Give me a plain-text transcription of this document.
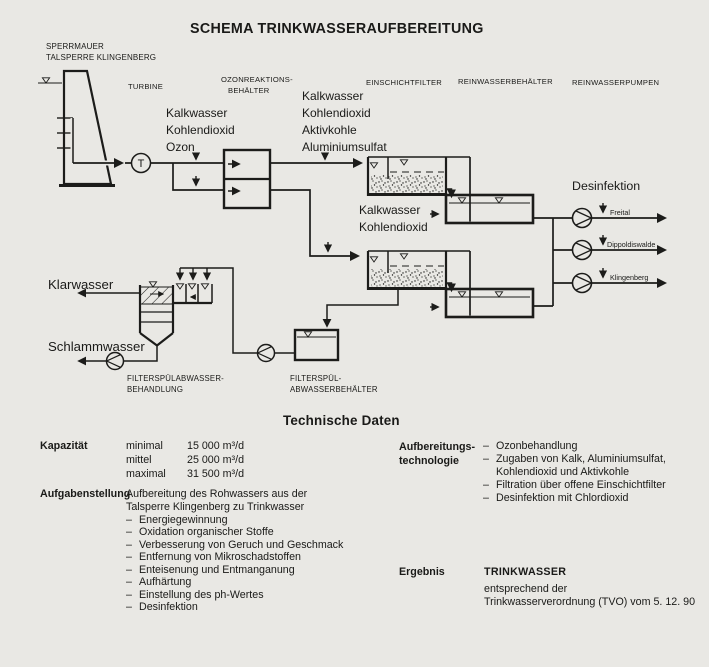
SPERRMAUER
TALSPERRE KLINGENBERG
TURBINE
OZONREAKTIONS-
BEHÄLTER
EINSCHICHTFILTER REINWASSERBEHÄLTER	REINWASSERPUMPEN
T
Kalkwasser
Kohlendioxid
Ozon
Kalkwasser
Kohlendioxid
Aktivkohle
Aluminiumsulfat
Kalkwasser
Kohlendioxid
Desinfektion
Freital
Dippoldiswalde
Klingenberg
Klarwasser
Schlammwasser
FILTERSPÜLABWASSER-
BEHANDLUNG
FILTERSPÜL-
ABWASSERBEHÄLTER
SCHEMA TRINKWASSERAUFBEREITUNG
Technische Daten
Kapazität	minimal 15 000 m³/d
mittel	25 000 m³/d
maximal 31 500 m³/d
Aufgabenstellung
Aufbereitung des Rohwassers aus der
Talsperre Klingenberg zu Trinkwasser
– Energiegewinnung
– Oxidation organischer Stoffe
– Verbesserung von Geruch und Geschmack
– Entfernung von Mikroschadstoffen
– Enteisenung und Entmanganung
– Aufhärtung
– Einstellung des ph-Wertes
– Desinfektion
Aufbereitungs-
technologie
– Ozonbehandlung
– Zugaben von Kalk, Aluminiumsulfat, Kohlendioxid und Aktivkohle
– Filtration über offene Einschichtfilter
– Desinfektion mit Chlordioxid
Ergebnis	TRINKWASSER
entsprechend der
Trinkwasserverordnung (TVO) vom 5. 12. 90
